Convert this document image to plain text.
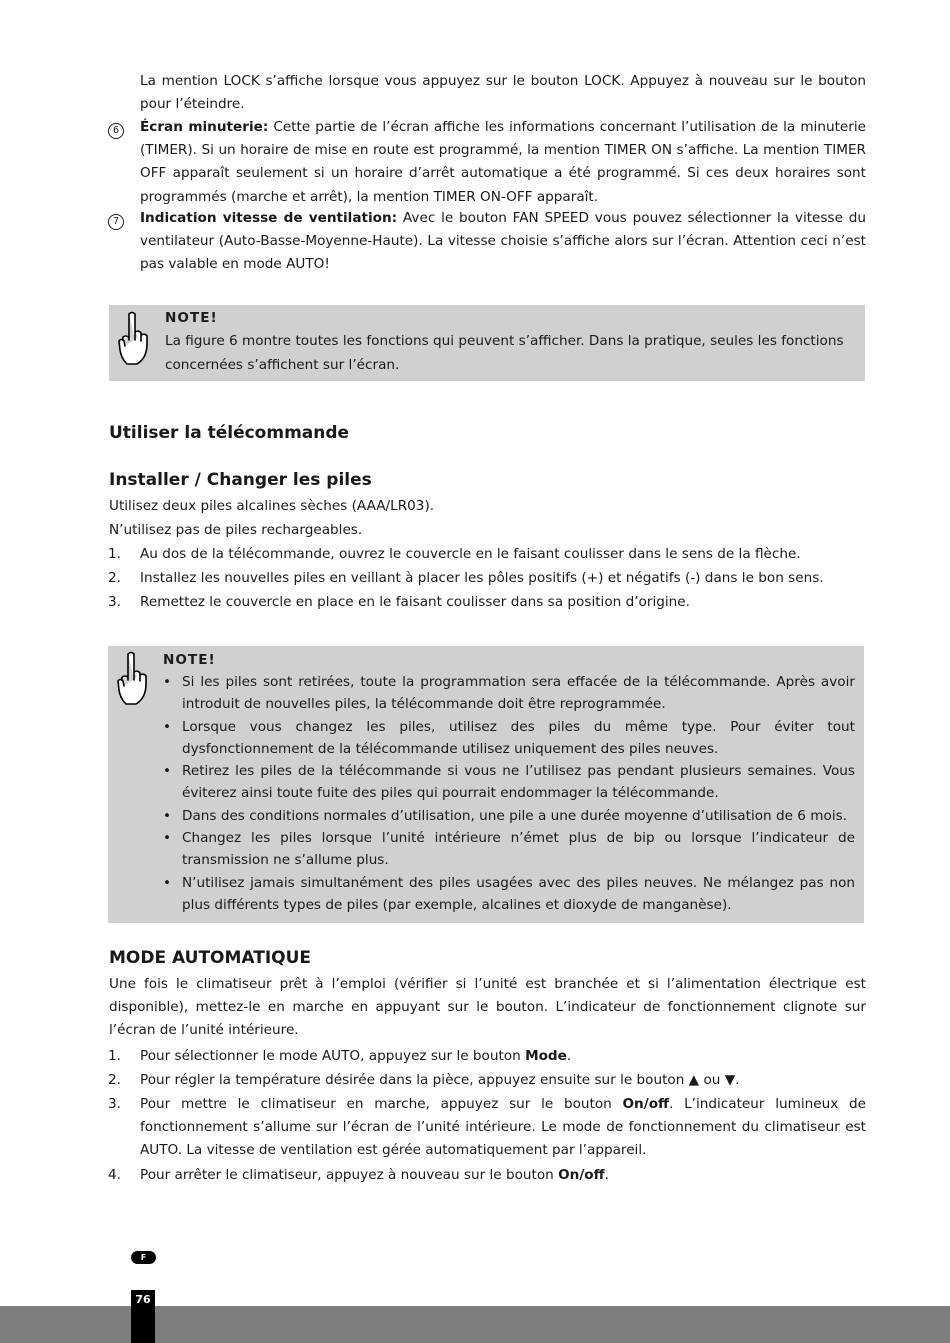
La mention LOCK s’affiche lorsque vous appuyez sur le bouton LOCK. Appuyez à nouveau sur le bouton pour l’éteindre.
6	Écran minuterie: Cette partie de l’écran affiche les informations concernant l’utilisation de la minuterie (TIMER). Si un horaire de mise en route est programmé, la mention TIMER ON s’affiche. La mention TIMER OFF apparaît seulement si un horaire d’arrêt automatique a été programmé. Si ces deux horaires sont programmés (marche et arrêt), la mention TIMER ON-OFF apparaît.
7	Indication vitesse de ventilation: Avec le bouton FAN SPEED vous pouvez sélectionner la vitesse du ventilateur (Auto-Basse-Moyenne-Haute). La vitesse choisie s’affiche alors sur l’écran. Attention ceci n’est pas valable en mode AUTO!
NOTE!
La figure 6 montre toutes les fonctions qui peuvent s’afficher. Dans la pratique, seules les fonctions concernées s’affichent sur l’écran.
Utiliser la télécommande
Installer / Changer les piles
Utilisez deux piles alcalines sèches (AAA/LR03).
N’utilisez pas de piles rechargeables.
1. Au dos de la télécommande, ouvrez le couvercle en le faisant coulisser dans le sens de la flèche.
2. Installez les nouvelles piles en veillant à placer les pôles positifs (+) et négatifs (-) dans le bon sens.
3. Remettez le couvercle en place en le faisant coulisser dans sa position d’origine.
NOTE!
• Si les piles sont retirées, toute la programmation sera effacée de la télécommande. Après avoir introduit de nouvelles piles, la télécommande doit être reprogrammée.
• Lorsque vous changez les piles, utilisez des piles du même type. Pour éviter tout dysfonctionnement de la télécommande utilisez uniquement des piles neuves.
• Retirez les piles de la télécommande si vous ne l’utilisez pas pendant plusieurs semaines. Vous éviterez ainsi toute fuite des piles qui pourrait endommager la télécommande.
• Dans des conditions normales d’utilisation, une pile a une durée moyenne d’utilisation de 6 mois.
• Changez les piles lorsque l’unité intérieure n’émet plus de bip ou lorsque l’indicateur de transmission ne s’allume plus.
• N’utilisez jamais simultanément des piles usagées avec des piles neuves. Ne mélangez pas non plus différents types de piles (par exemple, alcalines et dioxyde de manganèse).
MODE AUTOMATIQUE
Une fois le climatiseur prêt à l’emploi (vérifier si l’unité est branchée et si l’alimentation électrique est disponible), mettez-le en marche en appuyant sur le bouton. L’indicateur de fonctionnement clignote sur l’écran de l’unité intérieure.
1. Pour sélectionner le mode AUTO, appuyez sur le bouton Mode.
2. Pour régler la température désirée dans la pièce, appuyez ensuite sur le bouton ▲ ou ▼.
3. Pour mettre le climatiseur en marche, appuyez sur le bouton On/off. L’indicateur lumineux de fonctionnement s’allume sur l’écran de l’unité intérieure. Le mode de fonctionnement du climatiseur est AUTO. La vitesse de ventilation est gérée automatiquement par l’appareil.
4. Pour arrêter le climatiseur, appuyez à nouveau sur le bouton On/off.
F
76
